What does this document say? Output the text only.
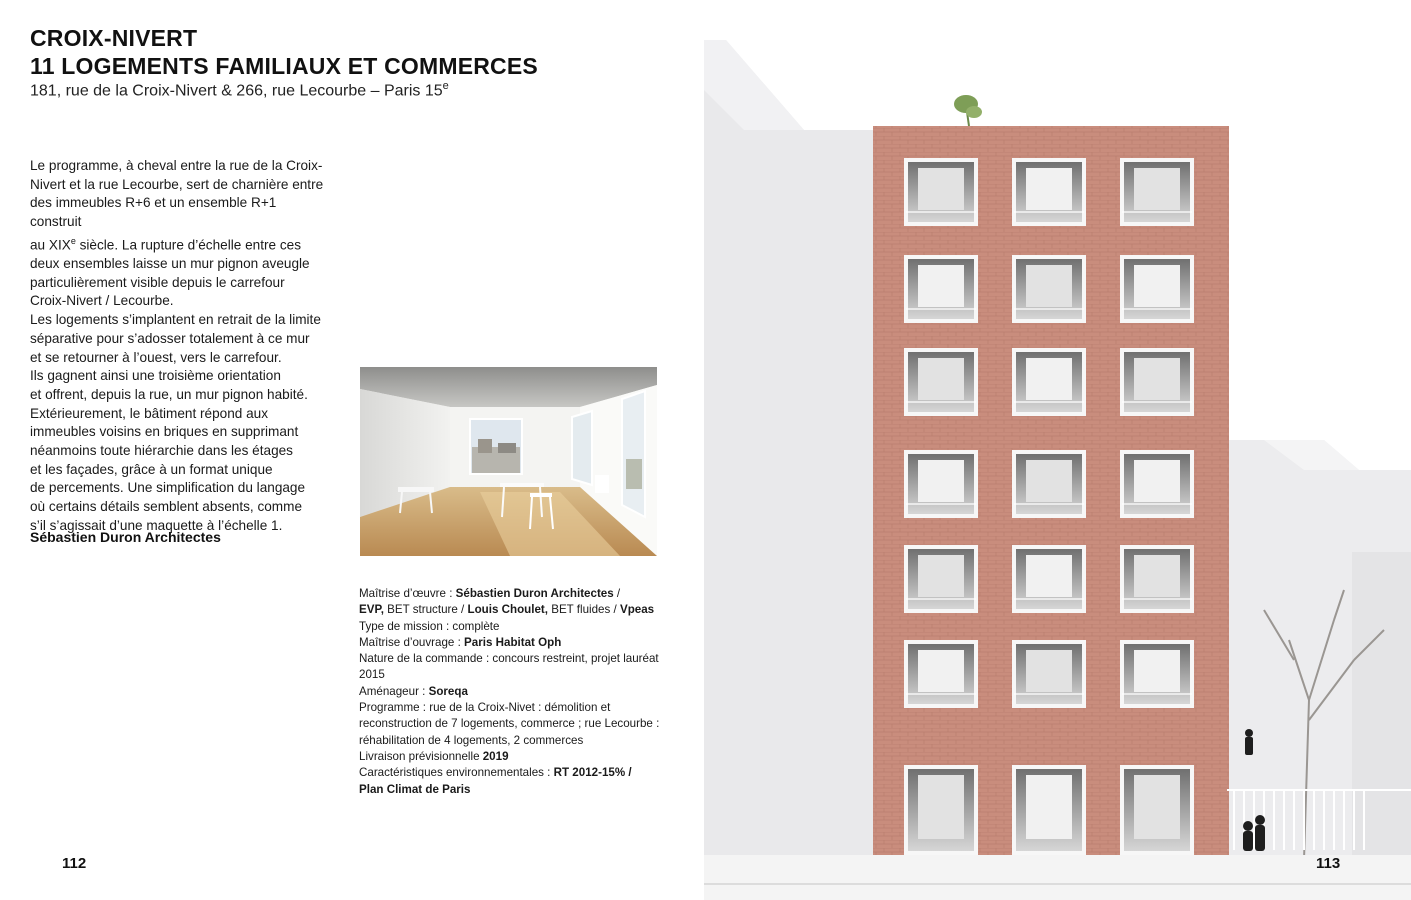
CROIX-NIVERT
11 LOGEMENTS FAMILIAUX ET COMMERCES
181, rue de la Croix-Nivert & 266, rue Lecourbe – Paris 15e

Le programme, à cheval entre la rue de la Croix-

Nivert et la rue Lecourbe, sert de charnière entre

des immeubles R+6 et un ensemble R+1 construit

au XIXe siècle. La rupture d’échelle entre ces

deux ensembles laisse un mur pignon aveugle

particulièrement visible depuis le carrefour

Croix-Nivert / Lecourbe.

Les logements s’implantent en retrait de la limite

séparative pour s’adosser totalement à ce mur

et se retourner à l’ouest, vers le carrefour.

Ils gagnent ainsi une troisième orientation

et offrent, depuis la rue, un mur pignon habité.

Extérieurement, le bâtiment répond aux

immeubles voisins en briques en supprimant

néanmoins toute hiérarchie dans les étages

et les façades, grâce à un format unique

de percements. Une simplification du langage

où certains détails semblent absents, comme

s’il s’agissait d’une maquette à l’échelle 1.

Sébastien Duron Architectes
Maîtrise d’œuvre : Sébastien Duron Architectes /
EVP, BET structure / Louis Choulet, BET fluides / Vpeas
Type de mission : complète
Maîtrise d’ouvrage : Paris Habitat Oph
Nature de la commande : concours restreint, projet lauréat
2015
Aménageur : Soreqa
Programme : rue de la Croix-Nivet : démolition et
reconstruction de 7 logements, commerce ; rue Lecourbe :
réhabilitation de 4 logements, 2 commerces
Livraison prévisionnelle 2019
Caractéristiques environnementales : RT 2012-15% /
Plan Climat de Paris
112	113
